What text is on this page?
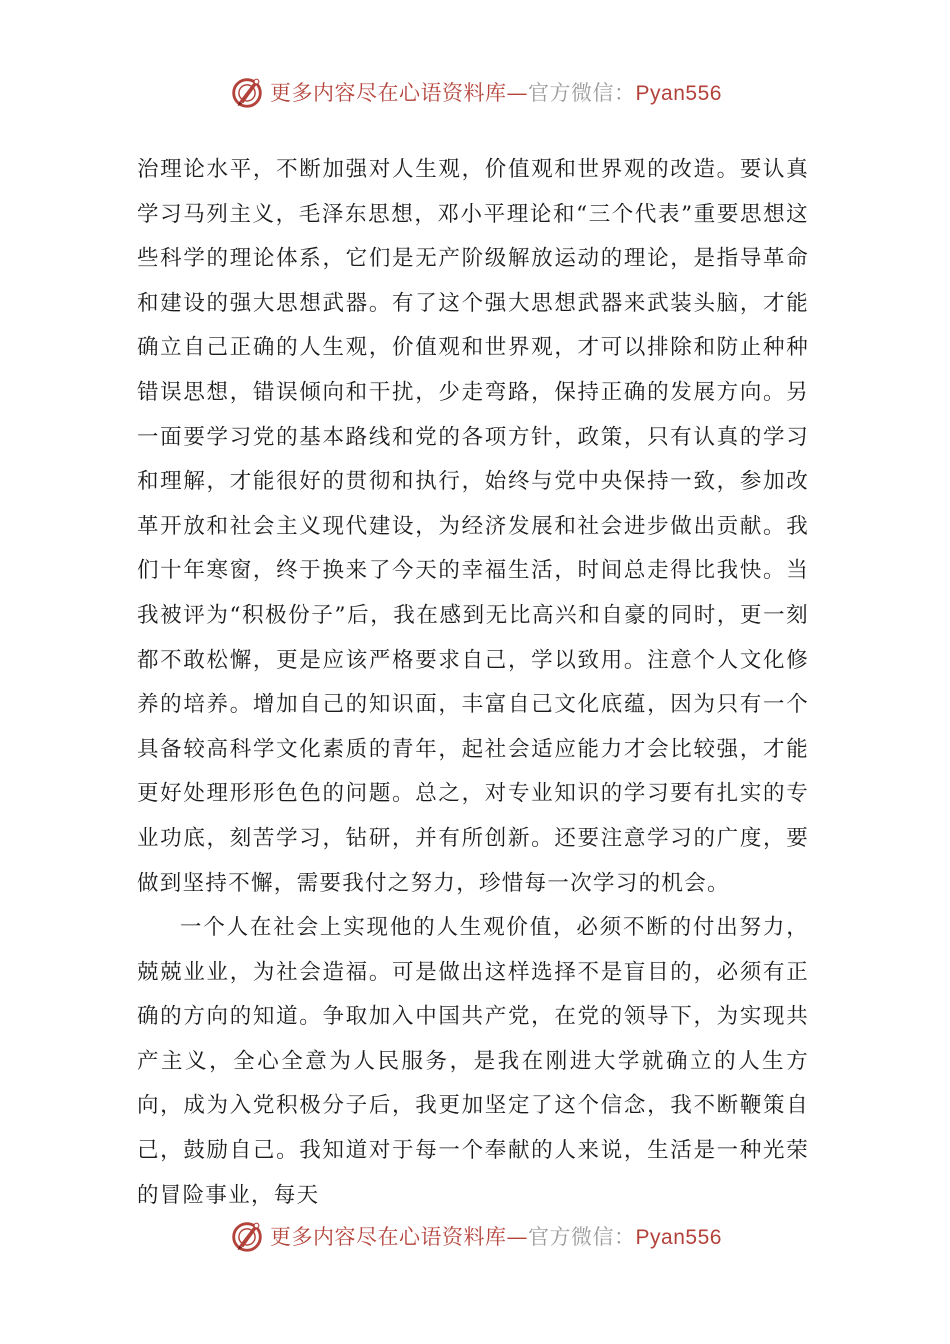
更多内容尽在心语资料库—官方微信：Pyan556

治理论水平，不断加强对人生观，价值观和世界观的改造。要认真学习马列主义，毛泽东思想，邓小平理论和“三个代表”重要思想这些科学的理论体系，它们是无产阶级解放运动的理论，是指导革命和建设的强大思想武器。有了这个强大思想武器来武装头脑，才能确立自己正确的人生观，价值观和世界观，才可以排除和防止种种错误思想，错误倾向和干扰，少走弯路，保持正确的发展方向。另一面要学习党的基本路线和党的各项方针，政策，只有认真的学习和理解，才能很好的贯彻和执行，始终与党中央保持一致，参加改革开放和社会主义现代建设，为经济发展和社会进步做出贡献。我们十年寒窗，终于换来了今天的幸福生活，时间总走得比我快。当我被评为“积极份子”后，我在感到无比高兴和自豪的同时，更一刻都不敢松懈，更是应该严格要求自己，学以致用。注意个人文化修养的培养。增加自己的知识面，丰富自己文化底蕴，因为只有一个具备较高科学文化素质的青年，起社会适应能力才会比较强，才能更好处理形形色色的问题。总之，对专业知识的学习要有扎实的专业功底，刻苦学习，钻研，并有所创新。还要注意学习的广度，要做到坚持不懈，需要我付之努力，珍惜每一次学习的机会。

一个人在社会上实现他的人生观价值，必须不断的付出努力，兢兢业业，为社会造福。可是做出这样选择不是盲目的，必须有正确的方向的知道。争取加入中国共产党，在党的领导下，为实现共产主义，全心全意为人民服务，是我在刚进大学就确立的人生方向，成为入党积极分子后，我更加坚定了这个信念，我不断鞭策自己，鼓励自己。我知道对于每一个奉献的人来说，生活是一种光荣的冒险事业，每天

更多内容尽在心语资料库—官方微信：Pyan556
